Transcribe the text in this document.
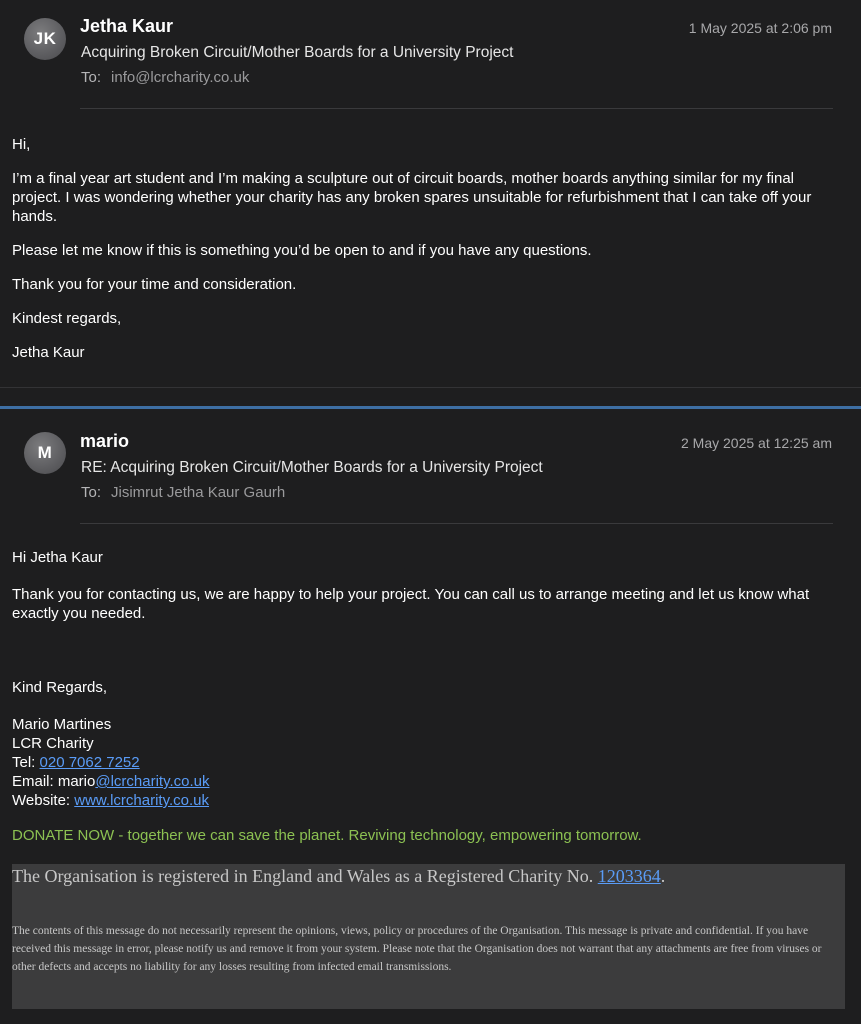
JK
Jetha Kaur	1 May 2025 at 2:06 pm
Acquiring Broken Circuit/Mother Boards for a University Project
To: info@lcrcharity.co.uk

Hi,

I’m a final year art student and I’m making a sculpture out of circuit boards, mother boards anything similar for my final project. I was wondering whether your charity has any broken spares unsuitable for refurbishment that I can take off your hands.

Please let me know if this is something you’d be open to and if you have any questions.

Thank you for your time and consideration.

Kindest regards,

Jetha Kaur

M
mario	2 May 2025 at 12:25 am
RE: Acquiring Broken Circuit/Mother Boards for a University Project
To: Jisimrut Jetha Kaur Gaurh

Hi Jetha Kaur

Thank you for contacting us, we are happy to help your project. You can call us to arrange meeting and let us know what exactly you needed.

Kind Regards,

Mario Martines

LCR Charity

Tel: 020 7062 7252

Email: mario@lcrcharity.co.uk

Website: www.lcrcharity.co.uk

DONATE NOW - together we can save the planet. Reviving technology, empowering tomorrow.
The Organisation is registered in England and Wales as a Registered Charity No. 1203364.
The contents of this message do not necessarily represent the opinions, views, policy or procedures of the Organisation. This message is private and confidential. If you have received this message in error, please notify us and remove it from your system. Please note that the Organisation does not warrant that any attachments are free from viruses or other defects and accepts no liability for any losses resulting from infected email transmissions.
